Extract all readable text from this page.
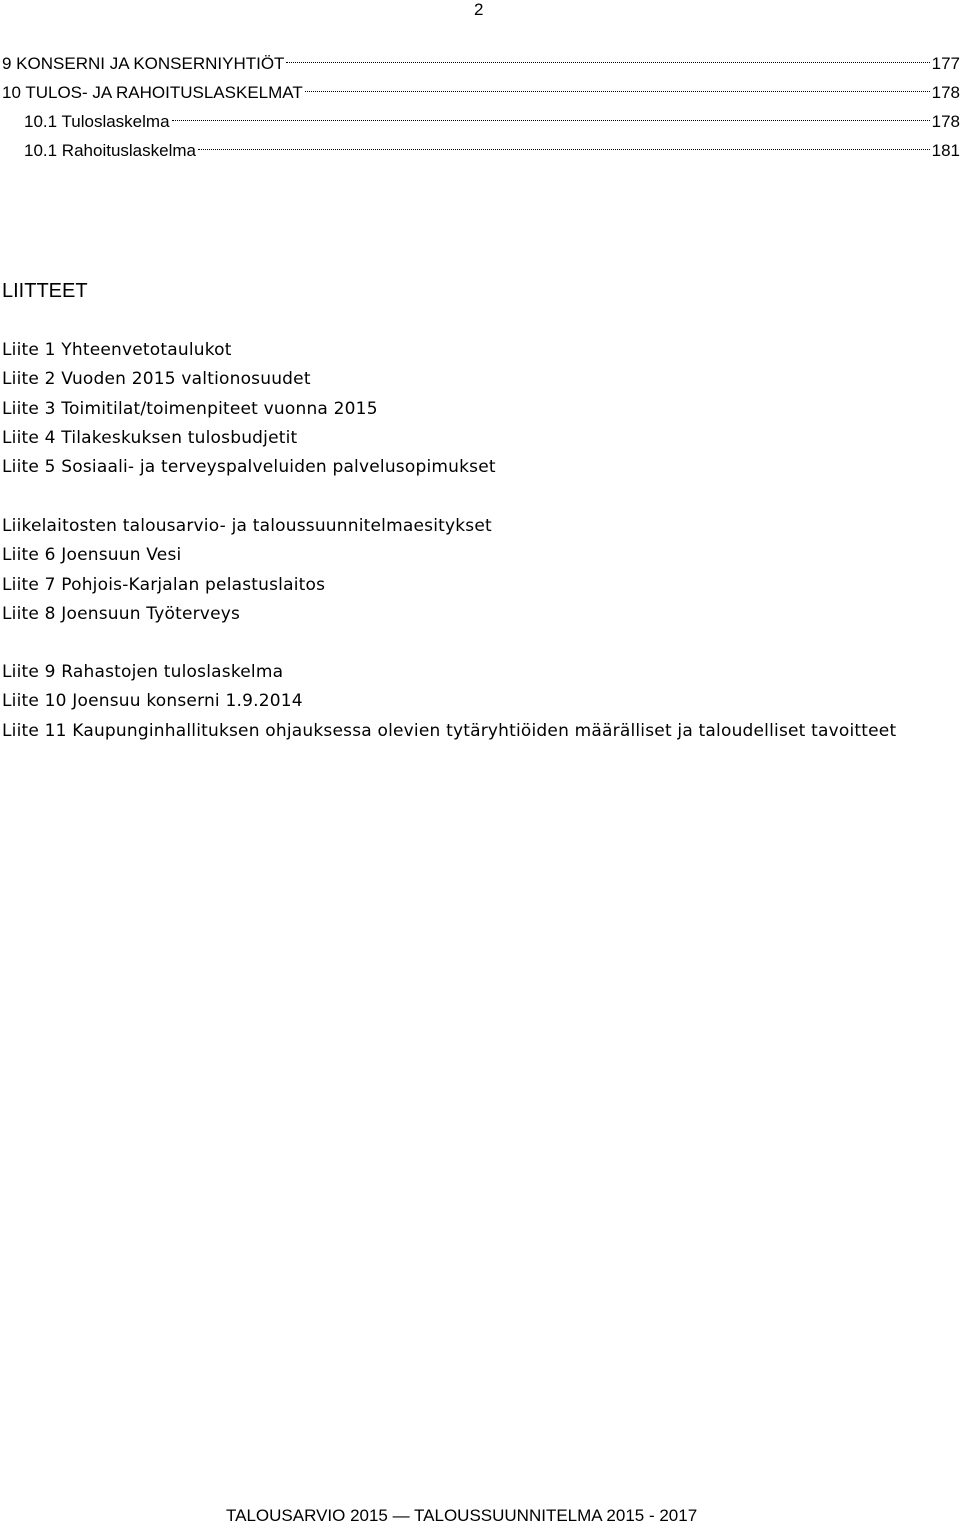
2
9 KONSERNI JA KONSERNIYHTIÖT	177
10 TULOS- JA RAHOITUSLASKELMAT	178
10.1 Tuloslaskelma	178
10.1 Rahoituslaskelma	181
LIITTEET
Liite 1 Yhteenvetotaulukot
Liite 2 Vuoden 2015 valtionosuudet
Liite 3 Toimitilat/toimenpiteet vuonna 2015
Liite 4 Tilakeskuksen tulosbudjetit
Liite 5 Sosiaali- ja terveyspalveluiden palvelusopimukset
Liikelaitosten talousarvio- ja taloussuunnitelmaesitykset
Liite 6 Joensuun Vesi
Liite 7 Pohjois-Karjalan pelastuslaitos
Liite 8 Joensuun Työterveys
Liite 9 Rahastojen tuloslaskelma
Liite 10 Joensuu konserni 1.9.2014
Liite 11 Kaupunginhallituksen ohjauksessa olevien tytäryhtiöiden määrälliset ja taloudelliset tavoitteet
TALOUSARVIO 2015 — TALOUSSUUNNITELMA 2015 - 2017
